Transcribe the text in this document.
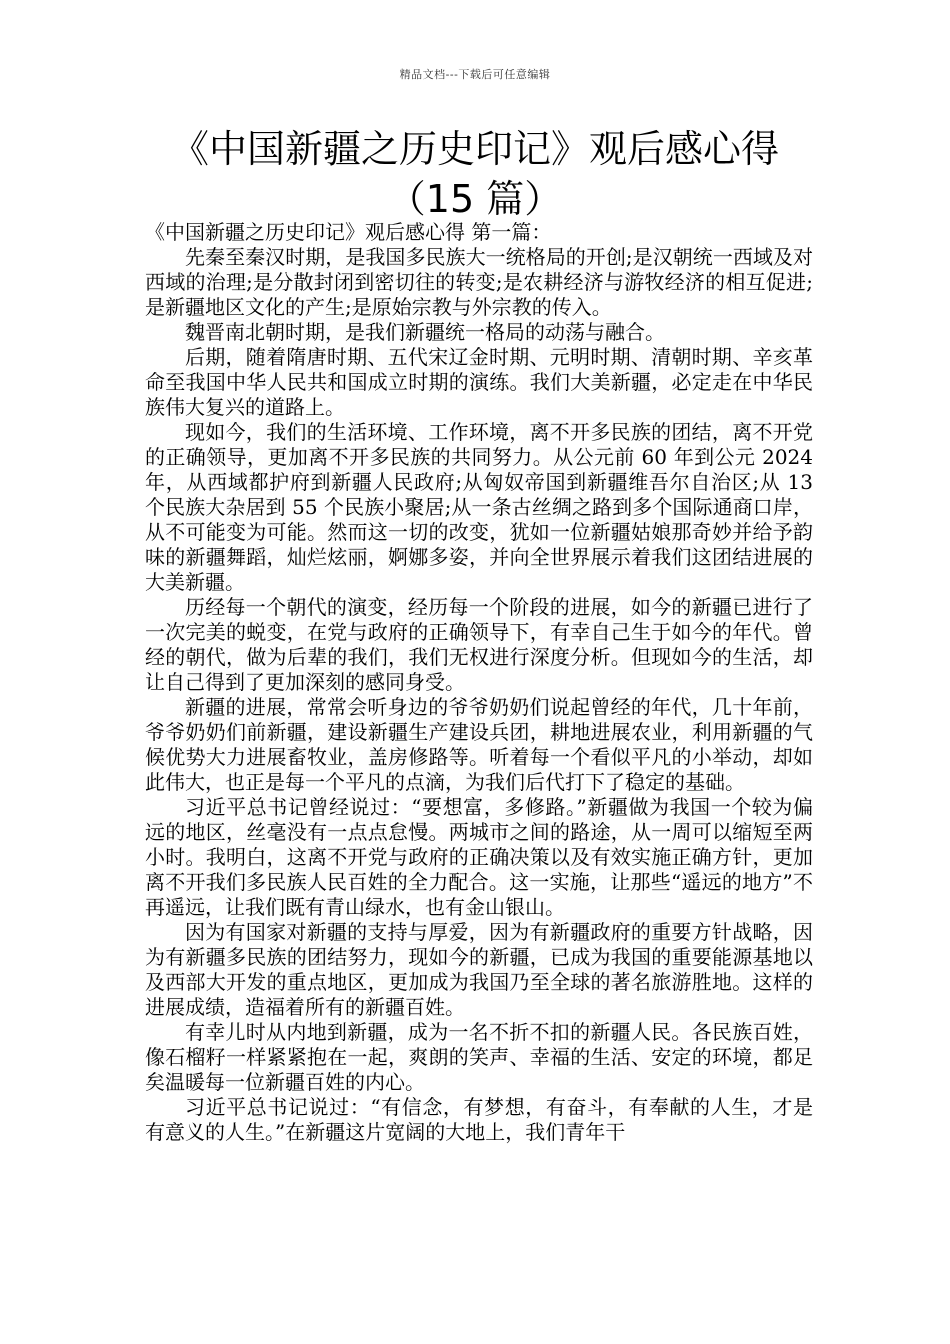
精品文档---下载后可任意编辑
《中国新疆之历史印记》观后感心得
（15 篇）

《中国新疆之历史印记》观后感心得 第一篇：

先秦至秦汉时期，是我国多民族大一统格局的开创;是汉朝统一西域及对西域的治理;是分散封闭到密切往的转变;是农耕经济与游牧经济的相互促进;是新疆地区文化的产生;是原始宗教与外宗教的传入。

魏晋南北朝时期，是我们新疆统一格局的动荡与融合。

后期，随着隋唐时期、五代宋辽金时期、元明时期、清朝时期、辛亥革命至我国中华人民共和国成立时期的演练。我们大美新疆，必定走在中华民族伟大复兴的道路上。

现如今，我们的生活环境、工作环境，离不开多民族的团结，离不开党的正确领导，更加离不开多民族的共同努力。从公元前 60 年到公元 2024 年，从西域都护府到新疆人民政府;从匈奴帝国到新疆维吾尔自治区;从 13 个民族大杂居到 55 个民族小聚居;从一条古丝绸之路到多个国际通商口岸，从不可能变为可能。然而这一切的改变，犹如一位新疆姑娘那奇妙并给予韵味的新疆舞蹈，灿烂炫丽，婀娜多姿，并向全世界展示着我们这团结进展的大美新疆。

历经每一个朝代的演变，经历每一个阶段的进展，如今的新疆已进行了一次完美的蜕变，在党与政府的正确领导下，有幸自己生于如今的年代。曾经的朝代，做为后辈的我们，我们无权进行深度分析。但现如今的生活，却让自己得到了更加深刻的感同身受。

新疆的进展，常常会听身边的爷爷奶奶们说起曾经的年代，几十年前，爷爷奶奶们前新疆，建设新疆生产建设兵团，耕地进展农业，利用新疆的气候优势大力进展畜牧业，盖房修路等。听着每一个看似平凡的小举动，却如此伟大，也正是每一个平凡的点滴，为我们后代打下了稳定的基础。

习近平总书记曾经说过：“要想富，多修路。”新疆做为我国一个较为偏远的地区，丝毫没有一点点怠慢。两城市之间的路途，从一周可以缩短至两小时。我明白，这离不开党与政府的正确决策以及有效实施正确方针，更加离不开我们多民族人民百姓的全力配合。这一实施，让那些“遥远的地方”不再遥远，让我们既有青山绿水，也有金山银山。

因为有国家对新疆的支持与厚爱，因为有新疆政府的重要方针战略，因为有新疆多民族的团结努力，现如今的新疆，已成为我国的重要能源基地以及西部大开发的重点地区，更加成为我国乃至全球的著名旅游胜地。这样的进展成绩，造福着所有的新疆百姓。

有幸儿时从内地到新疆，成为一名不折不扣的新疆人民。各民族百姓，像石榴籽一样紧紧抱在一起，爽朗的笑声、幸福的生活、安定的环境，都足矣温暖每一位新疆百姓的内心。

习近平总书记说过：“有信念，有梦想，有奋斗，有奉献的人生，才是有意义的人生。”在新疆这片宽阔的大地上，我们青年干
